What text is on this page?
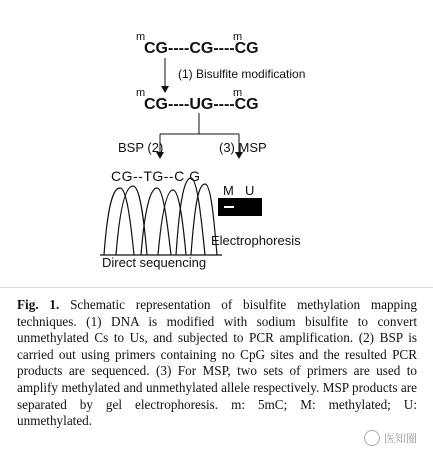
m
CG----CG----CG
m
(1) Bisulfite modification
m
CG----UG----CG
m
BSP (2)	(3) MSP
CG--TG--C G
M U
Direct sequencing
Electrophoresis
Fig. 1. Schematic representation of bisulfite methylation mapping techniques. (1) DNA is modified with sodium bisulfite to convert unmethylated Cs to Us, and subjected to PCR amplification. (2) BSP is carried out using primers containing no CpG sites and the resulted PCR products are sequenced. (3) For MSP, two sets of primers are used to amplify methylated and unmethylated allele respectively. MSP products are separated by gel electrophoresis. m: 5mC; M: methylated; U: unmethylated.
医知圈
